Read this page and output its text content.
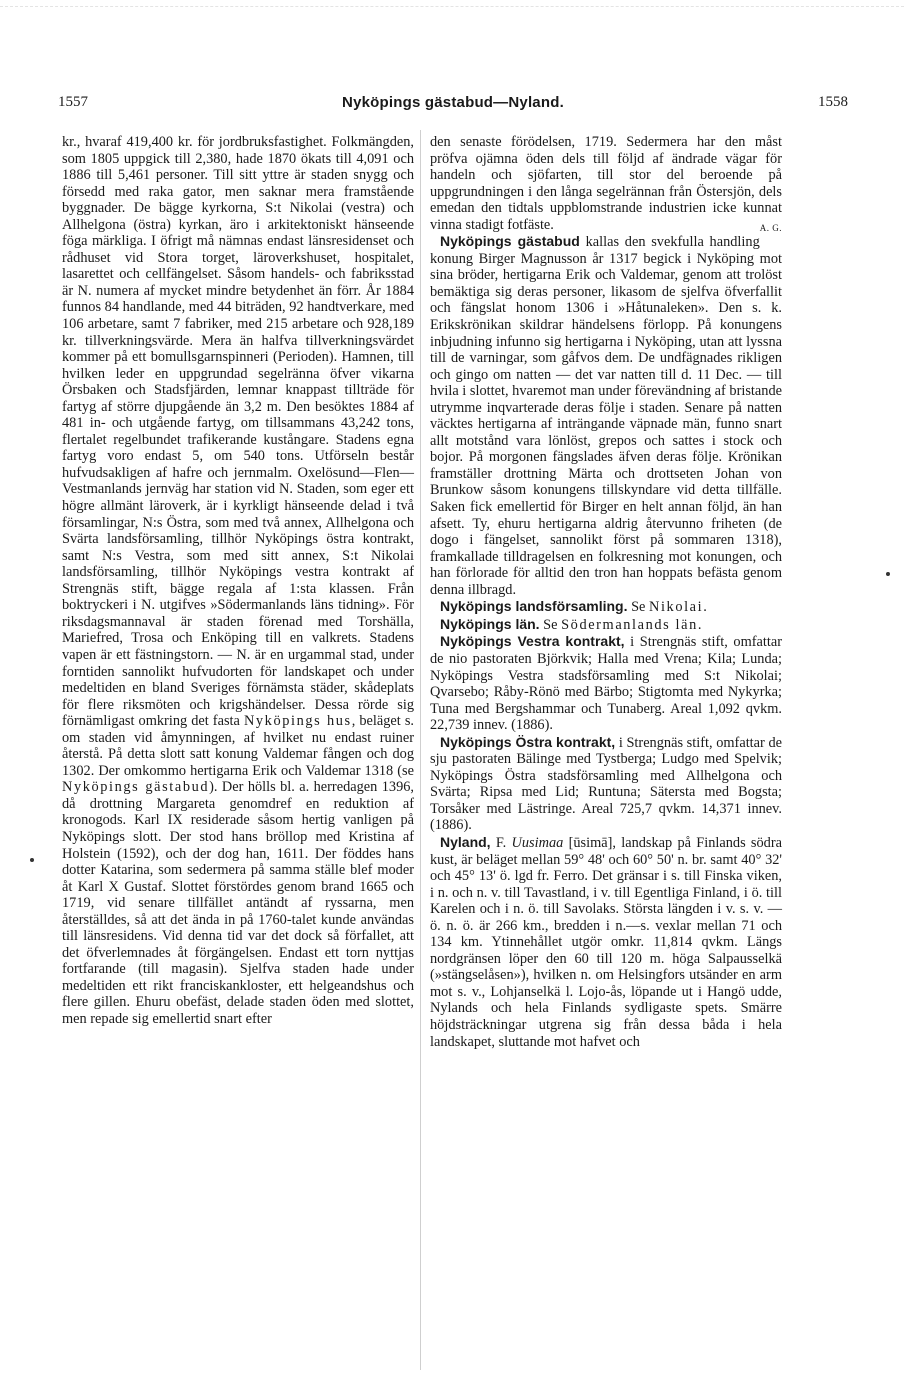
1557	Nyköpings gästabud—Nyland.	1558

kr., hvaraf 419,400 kr. för jordbruksfastighet. Folkmängden, som 1805 uppgick till 2,380, hade 1870 ökats till 4,091 och 1886 till 5,461 personer. Till sitt yttre är staden snygg och försedd med raka gator, men saknar mera framstående byggnader. De bägge kyrkorna, S:t Nikolai (vestra) och Allhelgona (östra) kyrkan, äro i arkitektoniskt hänseende föga märkliga. I öfrigt må nämnas endast länsresidenset och rådhuset vid Stora torget, läroverkshuset, hospitalet, lasarettet och cellfängelset. Såsom handels- och fabriksstad är N. numera af mycket mindre betydenhet än förr. År 1884 funnos 84 handlande, med 44 biträden, 92 handtverkare, med 106 arbetare, samt 7 fabriker, med 215 arbetare och 928,189 kr. tillverkningsvärde. Mera än halfva tillverkningsvärdet kommer på ett bomullsgarnspinneri (Perioden). Hamnen, till hvilken leder en uppgrundad segelränna öfver vikarna Örsbaken och Stadsfjärden, lemnar knappast tillträde för fartyg af större djupgående än 3,2 m. Den besöktes 1884 af 481 in- och utgående fartyg, om tillsammans 43,242 tons, flertalet regelbundet trafikerande kustångare. Stadens egna fartyg voro endast 5, om 540 tons. Utförseln består hufvudsakligen af hafre och jernmalm. Oxelösund—Flen—Vestmanlands jernväg har station vid N. Staden, som eger ett högre allmänt läroverk, är i kyrkligt hänseende delad i två församlingar, N:s Östra, som med två annex, Allhelgona och Svärta landsförsamling, tillhör Nyköpings östra kontrakt, samt N:s Vestra, som med sitt annex, S:t Nikolai landsförsamling, tillhör Nyköpings vestra kontrakt af Strengnäs stift, bägge regala af 1:sta klassen. Från boktryckeri i N. utgifves »Södermanlands läns tidning». För riksdagsmannaval är staden förenad med Torshälla, Mariefred, Trosa och Enköping till en valkrets. Stadens vapen är ett fästningstorn. — N. är en urgammal stad, under forntiden sannolikt hufvudorten för landskapet och under medeltiden en bland Sveriges förnämsta städer, skådeplats för flere riksmöten och krigshändelser. Dessa rörde sig förnämligast omkring det fasta Nyköpings hus, beläget s. om staden vid åmynningen, af hvilket nu endast ruiner återstå. På detta slott satt konung Valdemar fången och dog 1302. Der omkommo hertigarna Erik och Valdemar 1318 (se Nyköpings gästabud). Der hölls bl. a. herredagen 1396, då drottning Margareta genomdref en reduktion af kronogods. Karl IX residerade såsom hertig vanligen på Nyköpings slott. Der stod hans bröllop med Kristina af Holstein (1592), och der dog han, 1611. Der föddes hans dotter Katarina, som sedermera på samma ställe blef moder åt Karl X Gustaf. Slottet förstördes genom brand 1665 och 1719, vid senare tillfället antändt af ryssarna, men återställdes, så att det ända in på 1760-talet kunde användas till länsresidens. Vid denna tid var det dock så förfallet, att det öfverlemnades åt förgängelsen. Endast ett torn nyttjas fortfarande (till magasin). Sjelfva staden hade under medeltiden ett rikt franciskankloster, ett helgeandshus och flere gillen. Ehuru obefäst, delade staden öden med slottet, men repade sig emellertid snart efter

den senaste förödelsen, 1719. Sedermera har den måst pröfva ojämna öden dels till följd af ändrade vägar för handeln och sjöfarten, till stor del beroende på uppgrundningen i den långa segelrännan från Östersjön, dels emedan den tidtals uppblomstrande industrien icke kunnat vinna stadigt fotfäste.	A. G.

Nyköpings gästabud kallas den svekfulla handling konung Birger Magnusson år 1317 begick i Nyköping mot sina bröder, hertigarna Erik och Valdemar, genom att trolöst bemäktiga sig deras personer, likasom de sjelfva öfverfallit och fängslat honom 1306 i »Håtunaleken». Den s. k. Erikskrönikan skildrar händelsens förlopp. På konungens inbjudning infunno sig hertigarna i Nyköping, utan att lyssna till de varningar, som gåfvos dem. De undfägnades rikligen och gingo om natten — det var natten till d. 11 Dec. — till hvila i slottet, hvaremot man under förevändning af bristande utrymme inqvarterade deras följe i staden. Senare på natten väcktes hertigarna af inträngande väpnade män, funno snart allt motstånd vara lönlöst, grepos och sattes i stock och bojor. På morgonen fängslades äfven deras följe. Krönikan framställer drottning Märta och drottseten Johan von Brunkow såsom konungens tillskyndare vid detta tillfälle. Saken fick emellertid för Birger en helt annan följd, än han afsett. Ty, ehuru hertigarna aldrig återvunno friheten (de dogo i fängelset, sannolikt först på sommaren 1318), framkallade tilldragelsen en folkresning mot konungen, och han förlorade för alltid den tron han hoppats befästa genom denna illbragd.

Nyköpings landsförsamling. Se Nikolai.

Nyköpings län. Se Södermanlands län.

Nyköpings Vestra kontrakt, i Strengnäs stift, omfattar de nio pastoraten Björkvik; Halla med Vrena; Kila; Lunda; Nyköpings Vestra stadsförsamling med S:t Nikolai; Qvarsebo; Råby-Rönö med Bärbo; Stigtomta med Nykyrka; Tuna med Bergshammar och Tunaberg. Areal 1,092 qvkm. 22,739 innev. (1886).

Nyköpings Östra kontrakt, i Strengnäs stift, omfattar de sju pastoraten Bälinge med Tystberga; Ludgo med Spelvik; Nyköpings Östra stadsförsamling med Allhelgona och Svärta; Ripsa med Lid; Runtuna; Sätersta med Bogsta; Torsåker med Lästringe. Areal 725,7 qvkm. 14,371 innev. (1886).

Nyland, F. Uusimaa [ūsimā], landskap på Finlands södra kust, är beläget mellan 59° 48' och 60° 50' n. br. samt 40° 32' och 45° 13' ö. lgd fr. Ferro. Det gränsar i s. till Finska viken, i n. och n. v. till Tavastland, i v. till Egentliga Finland, i ö. till Karelen och i n. ö. till Savolaks. Största längden i v. s. v. —ö. n. ö. är 266 km., bredden i n.—s. vexlar mellan 71 och 134 km. Ytinnehållet utgör omkr. 11,814 qvkm. Längs nordgränsen löper den 60 till 120 m. höga Salpausselkä (»stängselåsen»), hvilken n. om Helsingfors utsänder en arm mot s. v., Lohjanselkä l. Lojo-ås, löpande ut i Hangö udde, Nylands och hela Finlands sydligaste spets. Smärre höjdsträckningar utgrena sig från dessa båda i hela landskapet, sluttande mot hafvet och
